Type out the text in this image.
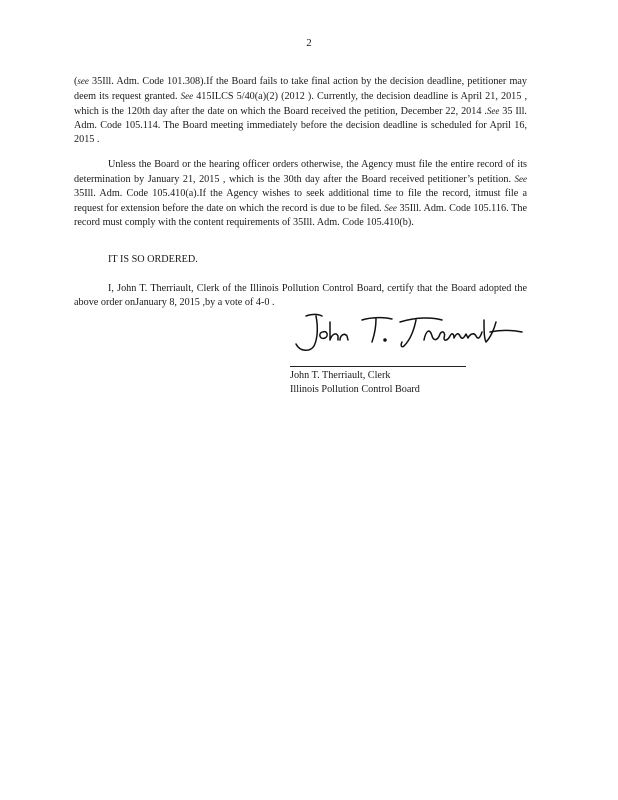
2

(see 35Ill. Adm. Code 101.308).If the Board fails to take final action by the decision deadline, petitioner may deem its request granted. See 415ILCS 5/40(a)(2) (2012 ). Currently, the decision deadline is April 21, 2015 , which is the 120th day after the date on which the Board received the petition, December 22, 2014 .See 35 Ill. Adm. Code 105.114. The Board meeting immediately before the decision deadline is scheduled for April 16, 2015 .

Unless the Board or the hearing officer orders otherwise, the Agency must file the entire record of its determination by January 21, 2015 , which is the 30th day after the Board received petitioner’s petition. See 35Ill. Adm. Code 105.410(a).If the Agency wishes to seek additional time to file the record, itmust file a request for extension before the date on which the record is due to be filed. See 35Ill. Adm. Code 105.116. The record must comply with the content requirements of 35Ill. Adm. Code 105.410(b).

IT IS SO ORDERED.

I, John T. Therriault, Clerk of the Illinois Pollution Control Board, certify that the Board adopted the above order onJanuary 8, 2015 ,by a vote of 4-0 .

John T. Therriault
John T. Therriault, Clerk
Illinois Pollution Control Board
